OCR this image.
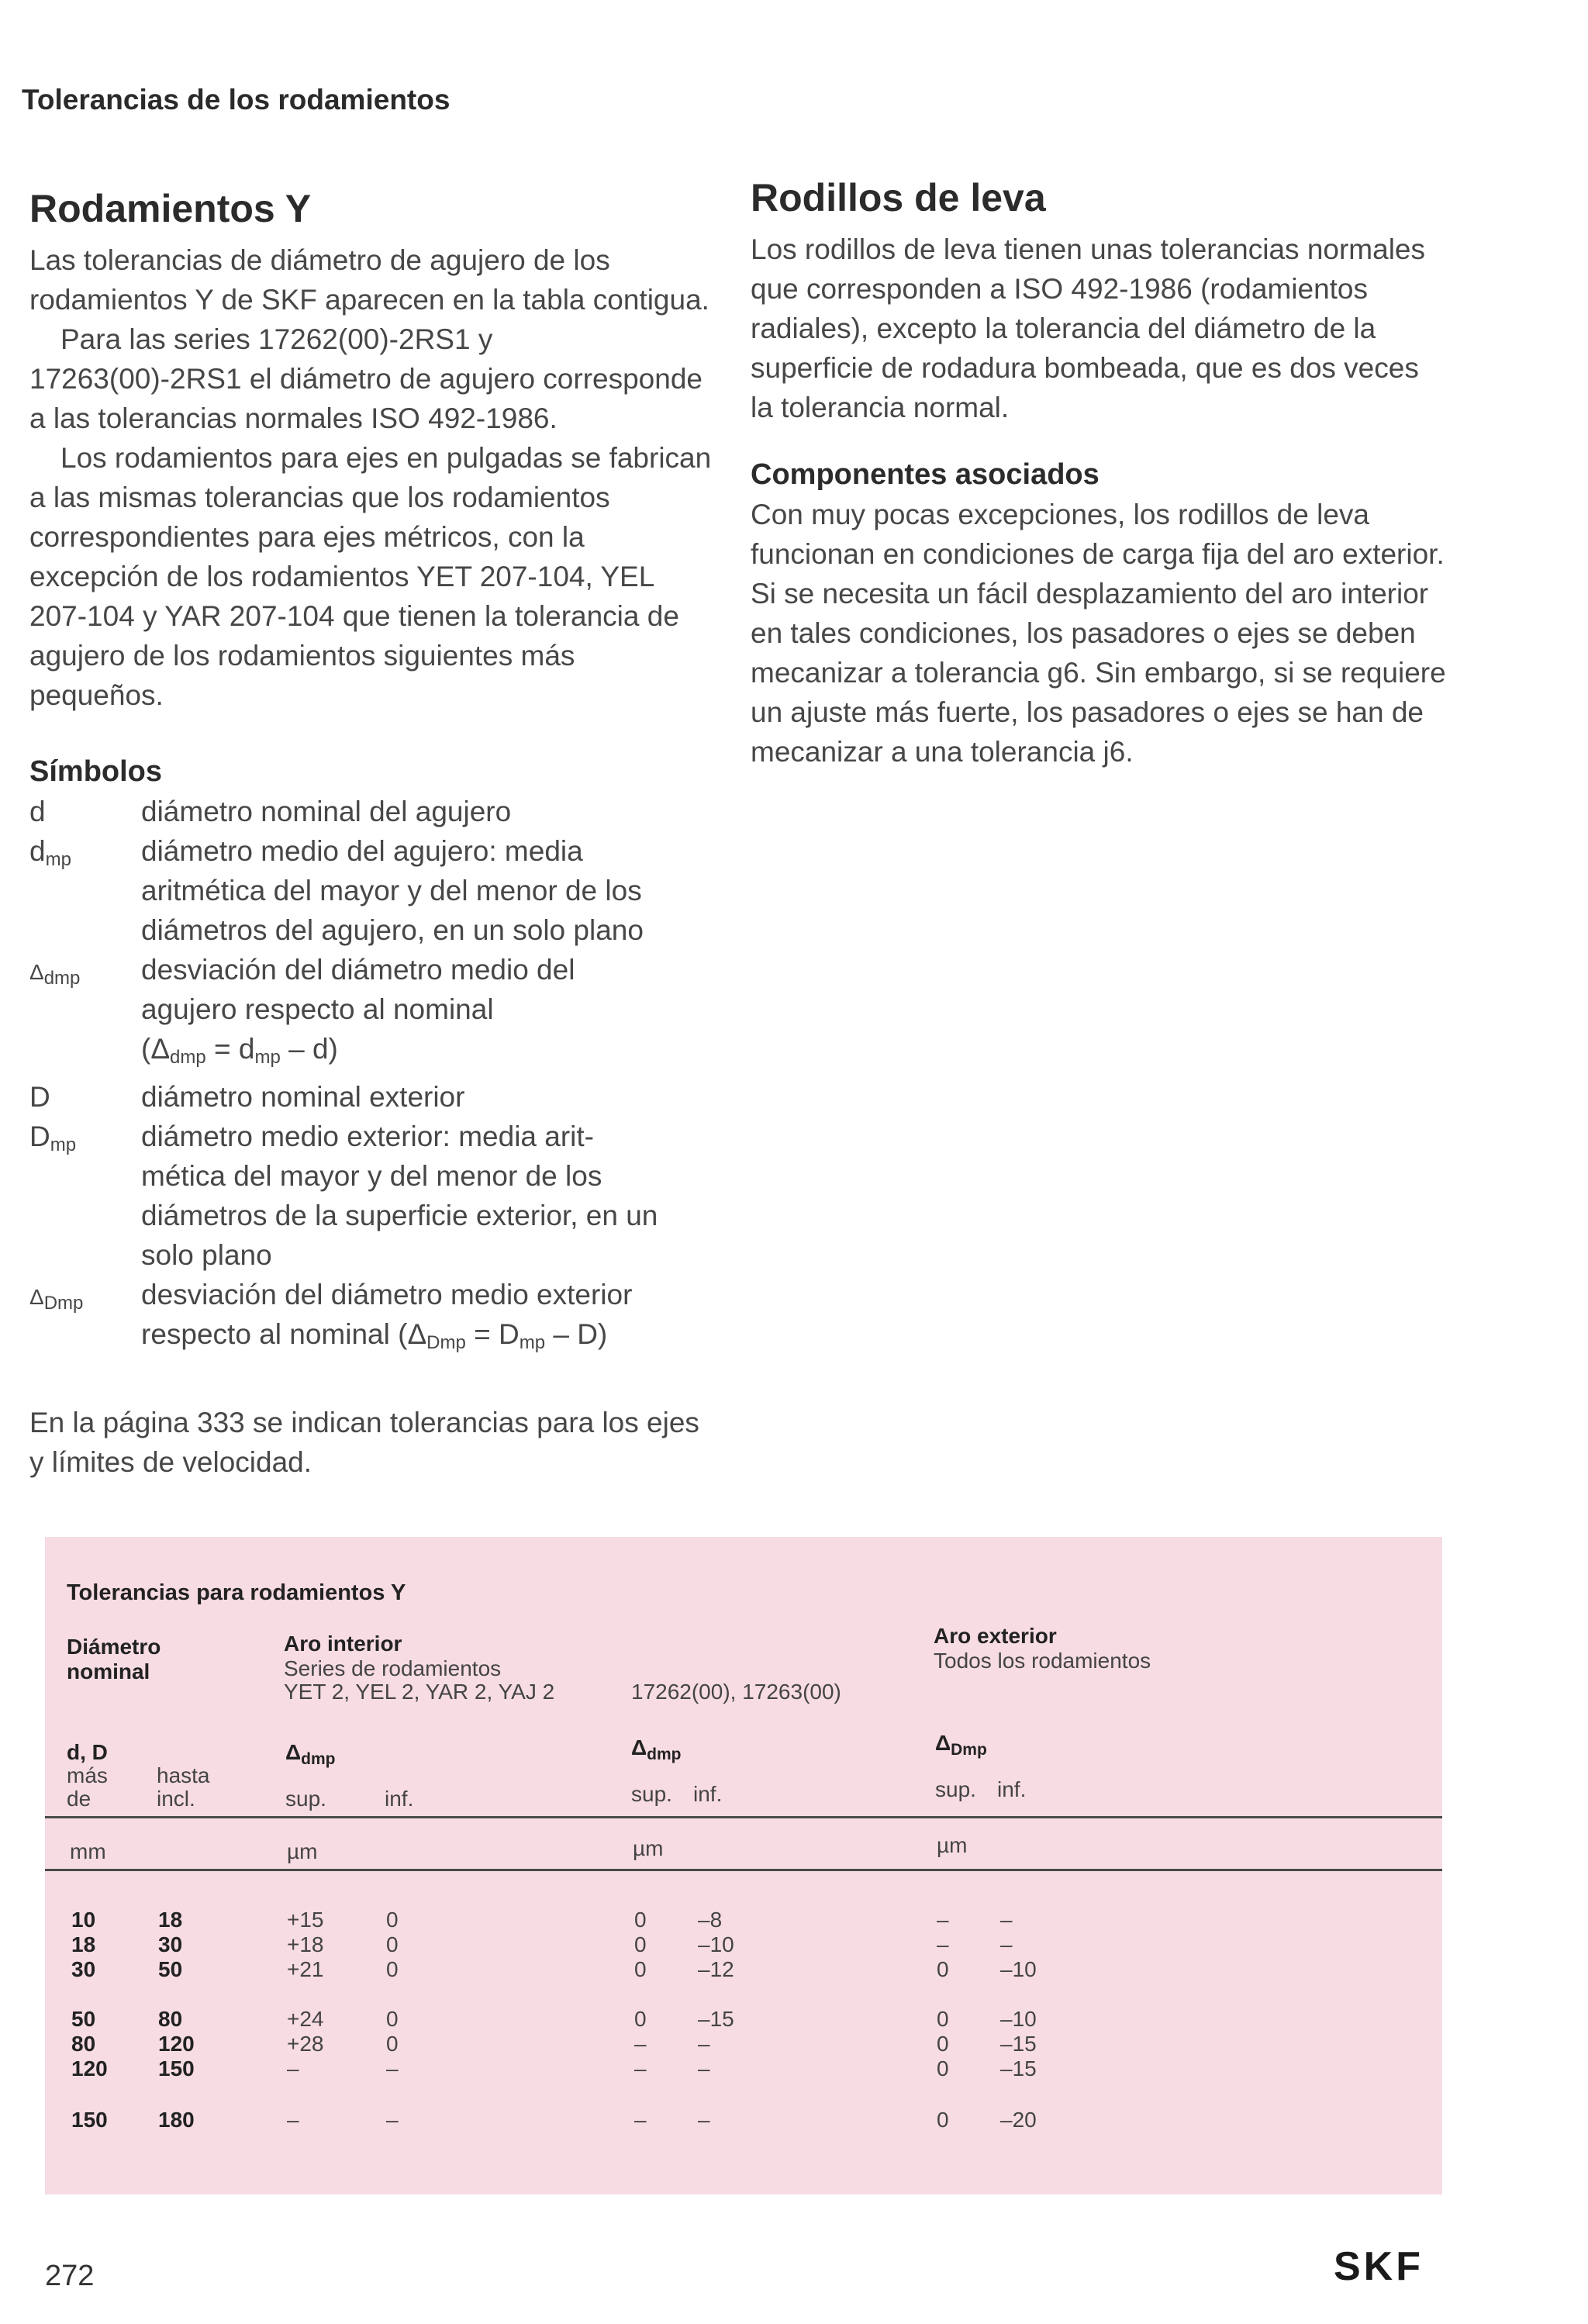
Tolerancias de los rodamientos
Rodamientos Y

Las tolerancias de diámetro de agujero de los rodamientos Y de SKF aparecen en la tabla contigua.

Para las series 17262(00)-2RS1 y 17263(00)-2RS1 el diámetro de agujero corresponde a las tolerancias normales ISO 492-1986.

Los rodamientos para ejes en pulgadas se fabrican a las mismas tolerancias que los rodamientos correspondientes para ejes métricos, con la excepción de los rodamientos YET 207-104, YEL 207-104 y YAR 207-104 que tienen la tolerancia de agujero de los rodamientos siguientes más pequeños.

Símbolos
d	diámetro nominal del agujero
$d_{mp}$	diámetro medio del agujero: media
aritmética del mayor y del menor de los
diámetros del agujero, en un solo plano
$\Delta_{dmp}$	desviación del diámetro medio del
agujero respecto al nominal
$(\Delta_{dmp} = d_{mp} - d)$
D	diámetro nominal exterior
$D_{mp}$	diámetro medio exterior: media arit-
mética del mayor y del menor de los
diámetros de la superficie exterior, en un
solo plano
$\Delta_{Dmp}$	desviación del diámetro medio exterior
respecto al nominal $(\Delta_{Dmp} = D_{mp} - D)$

En la página 333 se indican tolerancias para los ejes y límites de velocidad.

Rodillos de leva

Los rodillos de leva tienen unas tolerancias normales que corresponden a ISO 492-1986 (rodamientos radiales), excepto la tolerancia del diámetro de la superficie de rodadura bombeada, que es dos veces la tolerancia normal.

Componentes asociados

Con muy pocas excepciones, los rodillos de leva funcionan en condiciones de carga fija del aro exterior. Si se necesita un fácil desplazamiento del aro interior en tales condiciones, los pasadores o ejes se deben mecanizar a tolerancia g6. Sin embargo, si se requiere un ajuste más fuerte, los pasadores o ejes se han de mecanizar a una tolerancia j6.

Tolerancias para rodamientos Y
Diámetro
nominal
Aro interior
Series de rodamientos
YET 2, YEL 2, YAR 2, YAJ 2	17262(00), 17263(00)
Aro exterior
Todos los rodamientos
d, D
más
de
hasta
incl.
$\Delta_{dmp}$
sup.	inf.
$\Delta_{dmp}$
sup. inf.
$\Delta_{Dmp}$
sup. inf.
mm	µm	µm	µm
10	18	+15	0	0 –8	– –
18	30	+18	0	0 –10	– –
30	50	+21	0	0 –12	0 –10
50	80	+24	0	0 –15	0 –10
80	120	+28	0	– –	0 –15
120 150	–	–	– –	0 –15
150 180	–	–	– –	0 –20
272	SKF
